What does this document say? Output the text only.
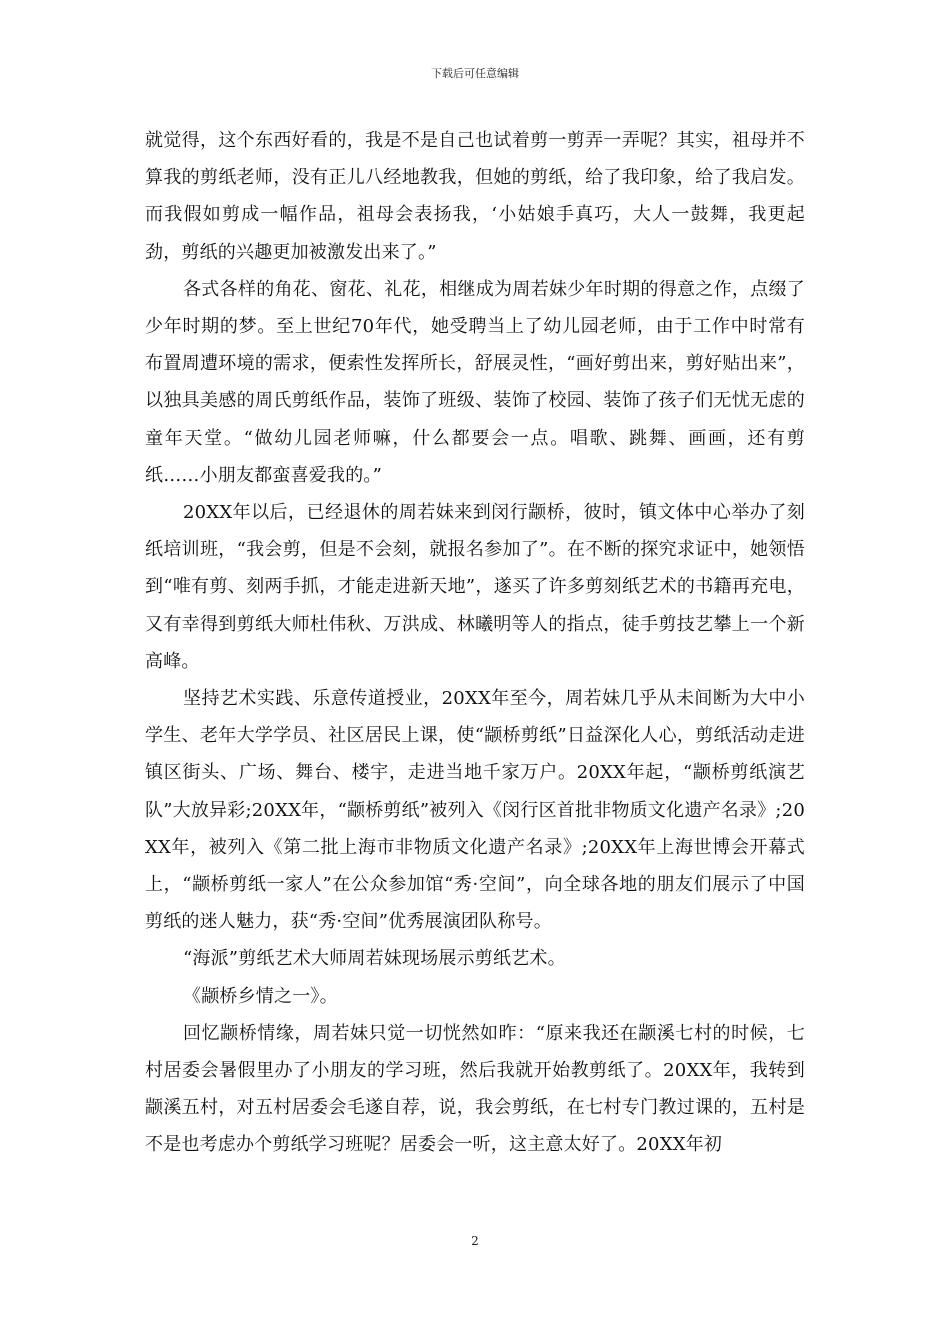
下载后可任意编辑

就觉得，这个东西好看的，我是不是自己也试着剪一剪弄一弄呢？其实，祖母并不算我的剪纸老师，没有正儿八经地教我，但她的剪纸，给了我印象，给了我启发。而我假如剪成一幅作品，祖母会表扬我，‘小姑娘手真巧，大人一鼓舞，我更起劲，剪纸的兴趣更加被激发出来了。”

各式各样的角花、窗花、礼花，相继成为周若妹少年时期的得意之作，点缀了少年时期的梦。至上世纪70年代，她受聘当上了幼儿园老师，由于工作中时常有布置周遭环境的需求，便索性发挥所长，舒展灵性，“画好剪出来，剪好贴出来”，以独具美感的周氏剪纸作品，装饰了班级、装饰了校园、装饰了孩子们无忧无虑的童年天堂。“做幼儿园老师嘛，什么都要会一点。唱歌、跳舞、画画，还有剪纸……小朋友都蛮喜爱我的。”

20XX年以后，已经退休的周若妹来到闵行颛桥，彼时，镇文体中心举办了刻纸培训班，“我会剪，但是不会刻，就报名参加了”。在不断的探究求证中，她领悟到“唯有剪、刻两手抓，才能走进新天地”，遂买了许多剪刻纸艺术的书籍再充电，又有幸得到剪纸大师杜伟秋、万洪成、林曦明等人的指点，徒手剪技艺攀上一个新高峰。

坚持艺术实践、乐意传道授业，20XX年至今，周若妹几乎从未间断为大中小学生、老年大学学员、社区居民上课，使“颛桥剪纸”日益深化人心，剪纸活动走进镇区街头、广场、舞台、楼宇，走进当地千家万户。20XX年起，“颛桥剪纸演艺队”大放异彩;20XX年，“颛桥剪纸”被列入《闵行区首批非物质文化遗产名录》;20XX年，被列入《第二批上海市非物质文化遗产名录》;20XX年上海世博会开幕式上，“颛桥剪纸一家人”在公众参加馆“秀·空间”，向全球各地的朋友们展示了中国剪纸的迷人魅力，获“秀·空间”优秀展演团队称号。

“海派”剪纸艺术大师周若妹现场展示剪纸艺术。

《颛桥乡情之一》。

回忆颛桥情缘，周若妹只觉一切恍然如昨：“原来我还在颛溪七村的时候，七村居委会暑假里办了小朋友的学习班，然后我就开始教剪纸了。20XX年，我转到颛溪五村，对五村居委会毛遂自荐，说，我会剪纸，在七村专门教过课的，五村是不是也考虑办个剪纸学习班呢？居委会一听，这主意太好了。20XX年初

2
